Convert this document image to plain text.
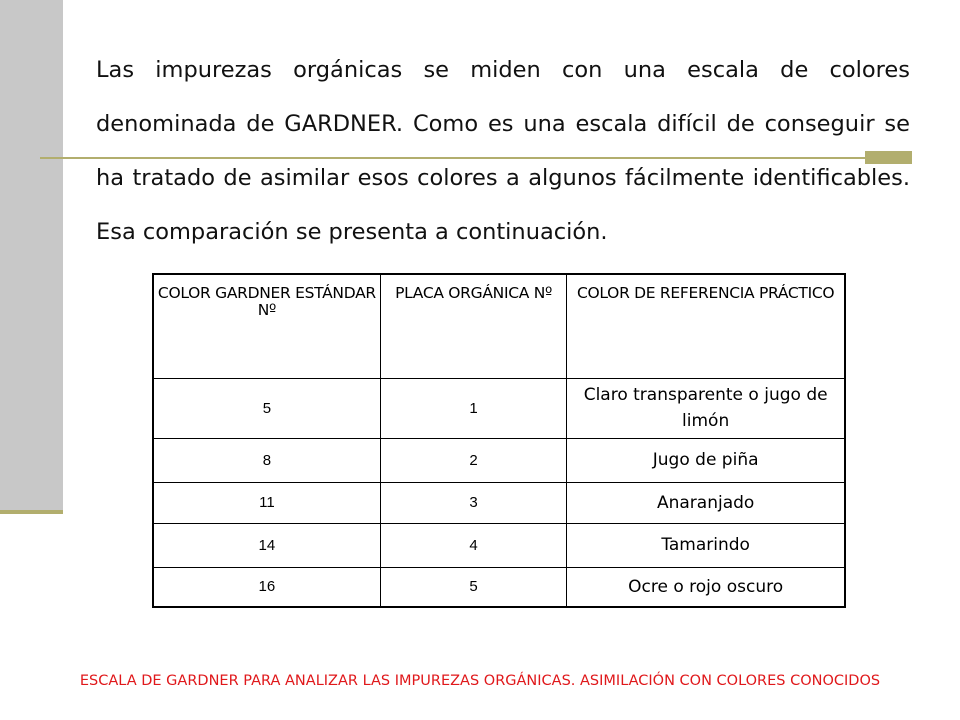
Las impurezas orgánicas se miden con una escala de colores denominada de GARDNER. Como es una escala difícil de conseguir se ha tratado de asimilar esos colores a algunos fácilmente identificables. Esa comparación se presenta a continuación.
COLOR GARDNER ESTÁNDAR Nº	PLACA ORGÁNICA Nº	COLOR DE REFERENCIA PRÁCTICO
5	1	Claro transparente o jugo de limón
8	2	Jugo de piña
11	3	Anaranjado
14	4	Tamarindo
16	5	Ocre o rojo oscuro
ESCALA DE GARDNER PARA ANALIZAR LAS IMPUREZAS ORGÁNICAS. ASIMILACIÓN CON COLORES CONOCIDOS
